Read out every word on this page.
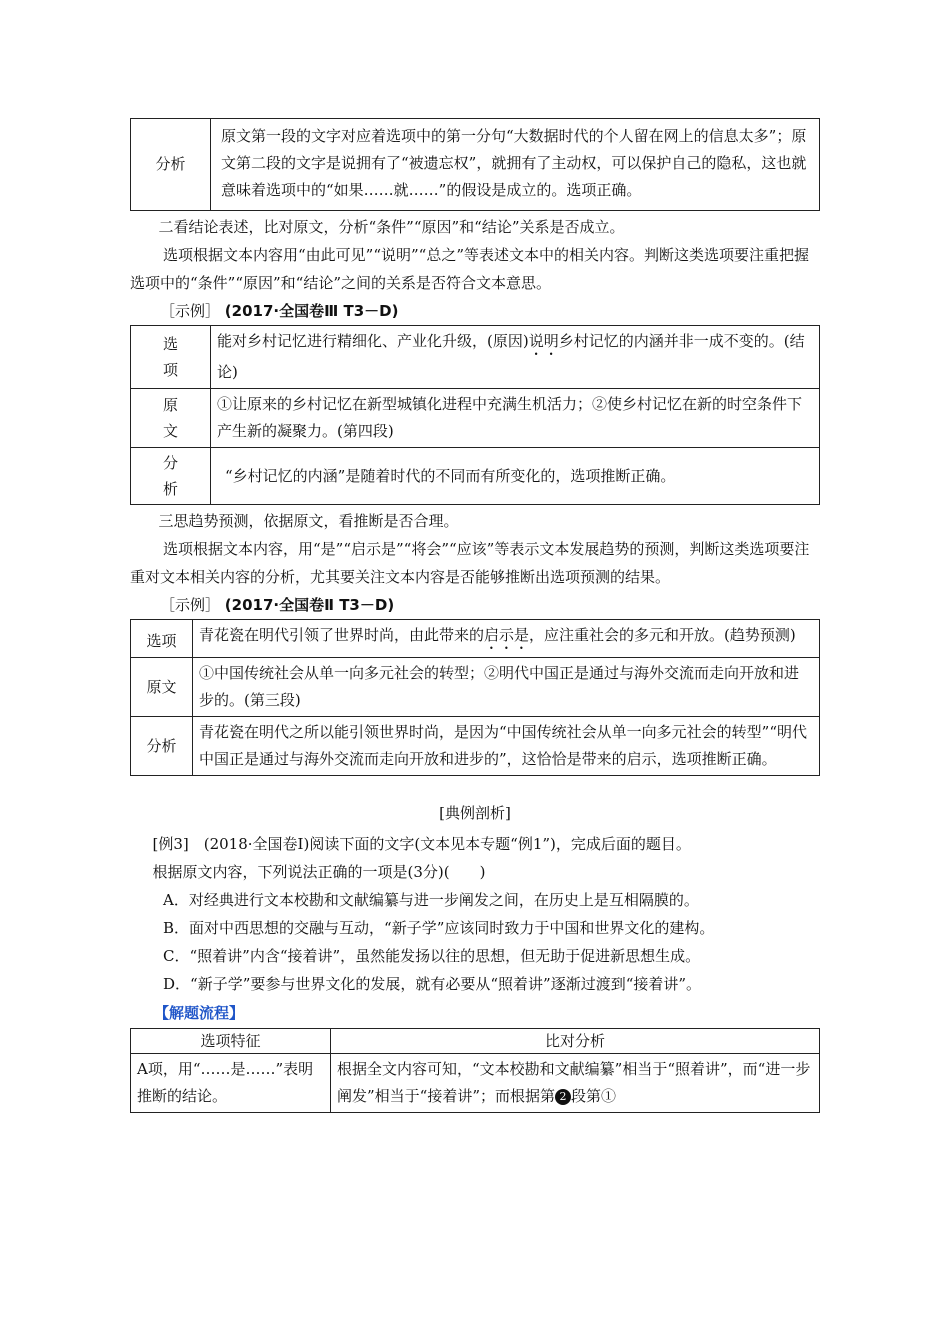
分析	原文第一段的文字对应着选项中的第一分句“大数据时代的个人留在网上的信息太多”；原文第二段的文字是说拥有了“被遗忘权”，就拥有了主动权，可以保护自己的隐私，这也就意味着选项中的“如果……就……”的假设是成立的。选项正确。
二看结论表述，比对原文，分析“条件”“原因”和“结论”关系是否成立。
选项根据文本内容用“由此可见”“说明”“总之”等表述文本中的相关内容。判断这类选项要注重把握选项中的“条件”“原因”和“结论”之间的关系是否符合文本意思。
［示例］ (2017·全国卷Ⅲ T3－D)
选项	能对乡村记忆进行精细化、产业化升级，(原因)说明乡村记忆的内涵并非一成不变的。(结论)
原文	①让原来的乡村记忆在新型城镇化进程中充满生机活力；②使乡村记忆在新的时空条件下产生新的凝聚力。(第四段)
分析	“乡村记忆的内涵”是随着时代的不同而有所变化的，选项推断正确。
三思趋势预测，依据原文，看推断是否合理。
选项根据文本内容，用“是”“启示是”“将会”“应该”等表示文本发展趋势的预测，判断这类选项要注重对文本相关内容的分析，尤其要关注文本内容是否能够推断出选项预测的结果。
［示例］ (2017·全国卷Ⅱ T3－D)
选项	青花瓷在明代引领了世界时尚，由此带来的启示是，应注重社会的多元和开放。(趋势预测)
原文	①中国传统社会从单一向多元社会的转型；②明代中国正是通过与海外交流而走向开放和进步的。(第三段)
分析	青花瓷在明代之所以能引领世界时尚，是因为“中国传统社会从单一向多元社会的转型”“明代中国正是通过与海外交流而走向开放和进步的”，这恰恰是带来的启示，选项推断正确。
[典例剖析]
[例3]　(2018·全国卷Ⅰ)阅读下面的文字(文本见本专题“例1”)，完成后面的题目。
根据原文内容，下列说法正确的一项是(3分)(　　)
A．对经典进行文本校勘和文献编纂与进一步阐发之间，在历史上是互相隔膜的。
B．面对中西思想的交融与互动，“新子学”应该同时致力于中国和世界文化的建构。
C．“照着讲”内含“接着讲”，虽然能发扬以往的思想，但无助于促进新思想生成。
D．“新子学”要参与世界文化的发展，就有必要从“照着讲”逐渐过渡到“接着讲”。
【解题流程】
选项特征	比对分析
A项，用“……是……”表明推断的结论。	根据全文内容可知，“文本校勘和文献编纂”相当于“照着讲”，而“进一步阐发”相当于“接着讲”；而根据第 2 段第①
